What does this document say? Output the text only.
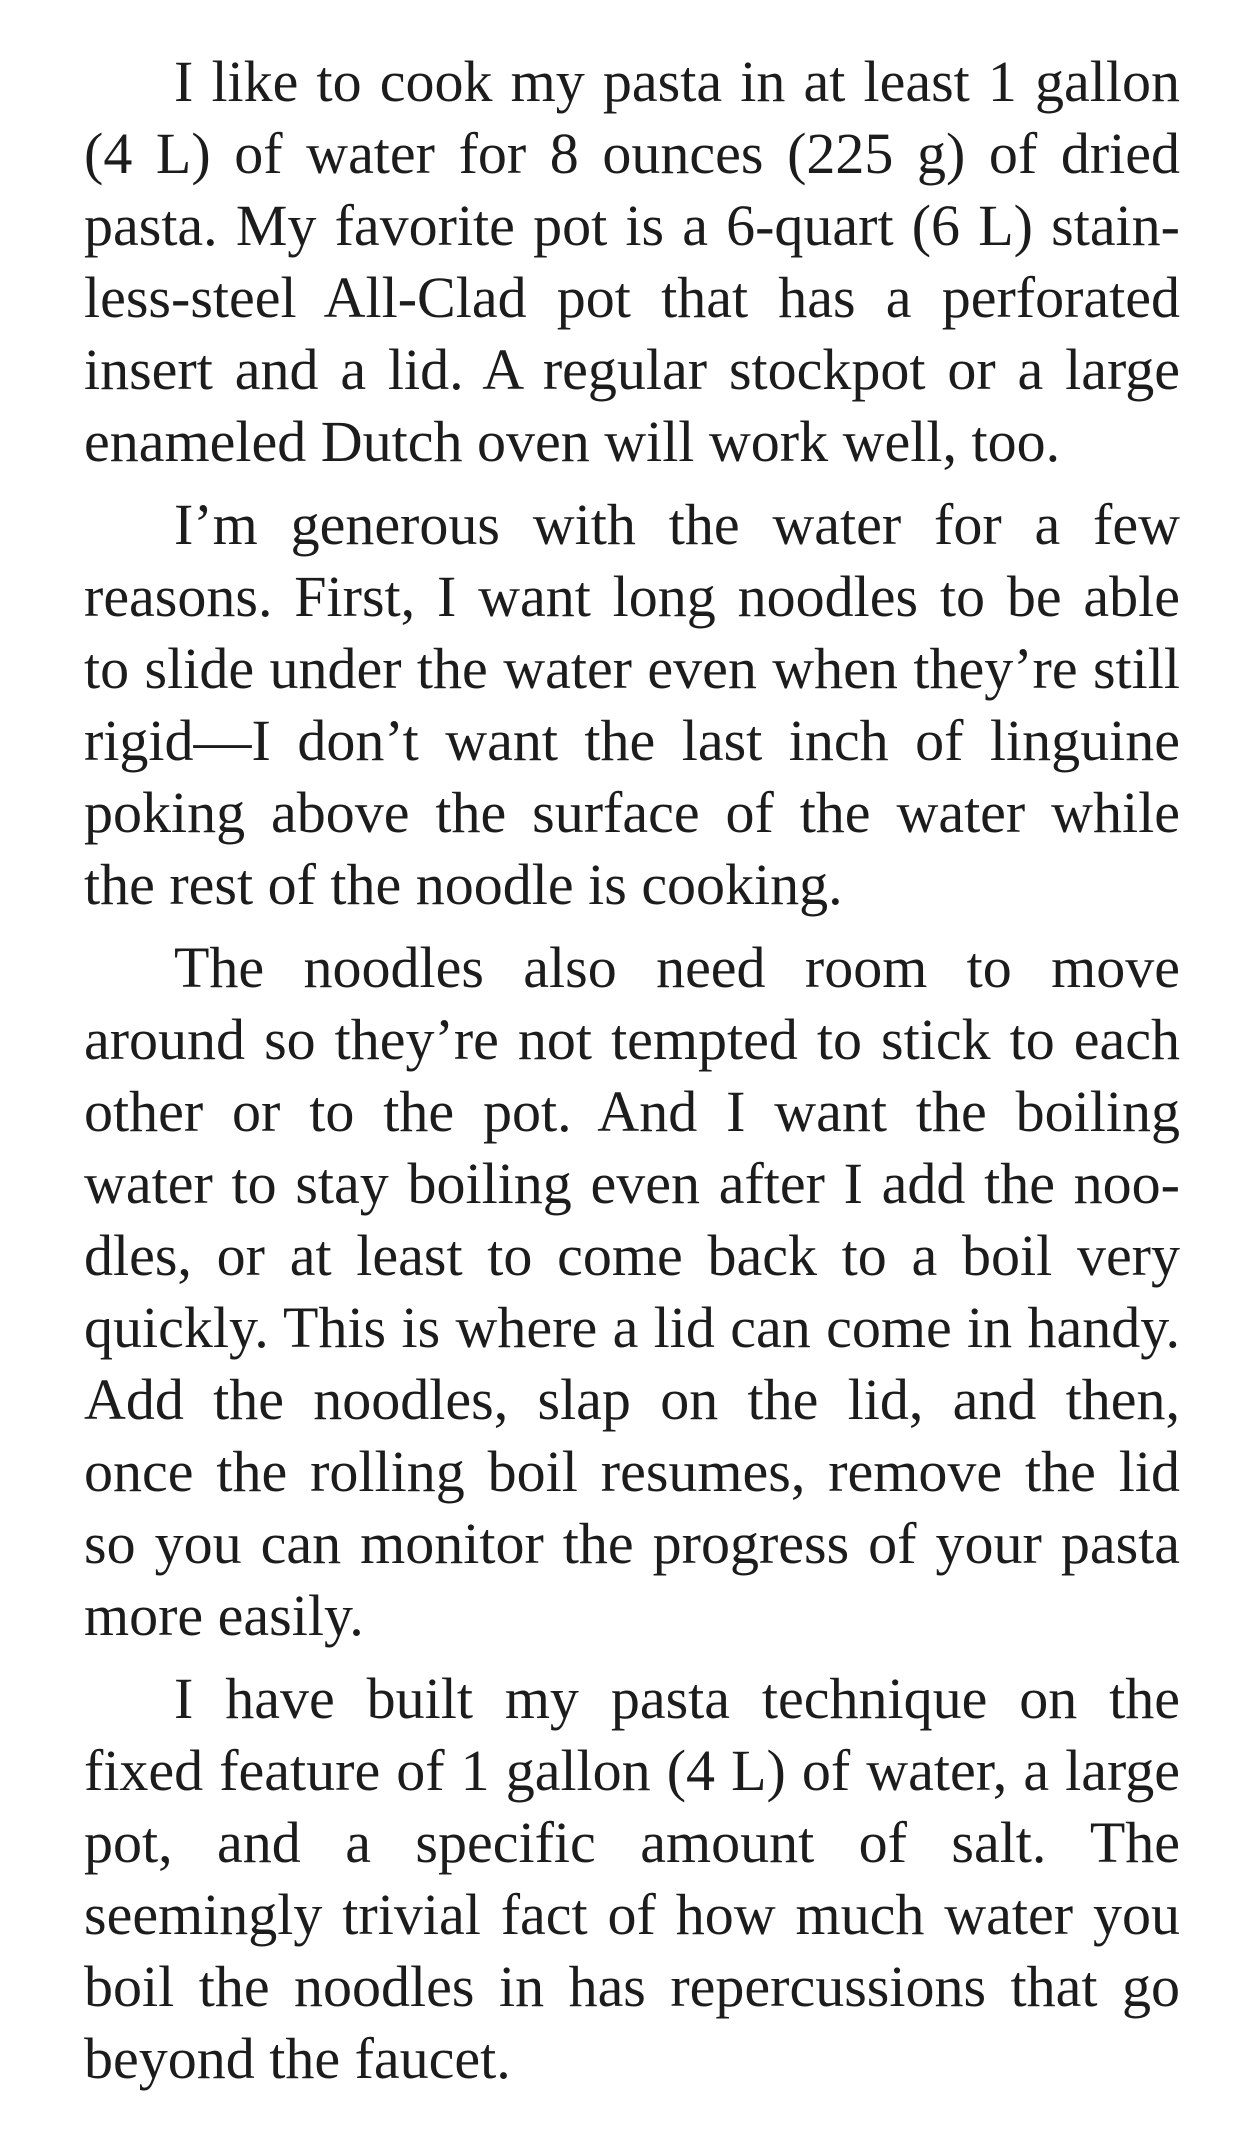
I like to cook my pasta in at least 1 gallon (4 L) of water for 8 ounces (225 g) of dried pasta. My favorite pot is a 6-quart (6 L) stainless-steel All-Clad pot that has a perforated insert and a lid. A regular stockpot or a large enameled Dutch oven will work well, too.

I’m generous with the water for a few reasons. First, I want long noodles to be able to slide under the water even when they’re still rigid—I don’t want the last inch of linguine poking above the surface of the water while the rest of the noodle is cooking.

The noodles also need room to move around so they’re not tempted to stick to each other or to the pot. And I want the boiling water to stay boiling even after I add the noodles, or at least to come back to a boil very quickly. This is where a lid can come in handy. Add the noodles, slap on the lid, and then, once the rolling boil resumes, remove the lid so you can monitor the progress of your pasta more easily.

I have built my pasta technique on the fixed feature of 1 gallon (4 L) of water, a large pot, and a specific amount of salt. The seemingly trivial fact of how much water you boil the noodles in has repercussions that go beyond the faucet.
